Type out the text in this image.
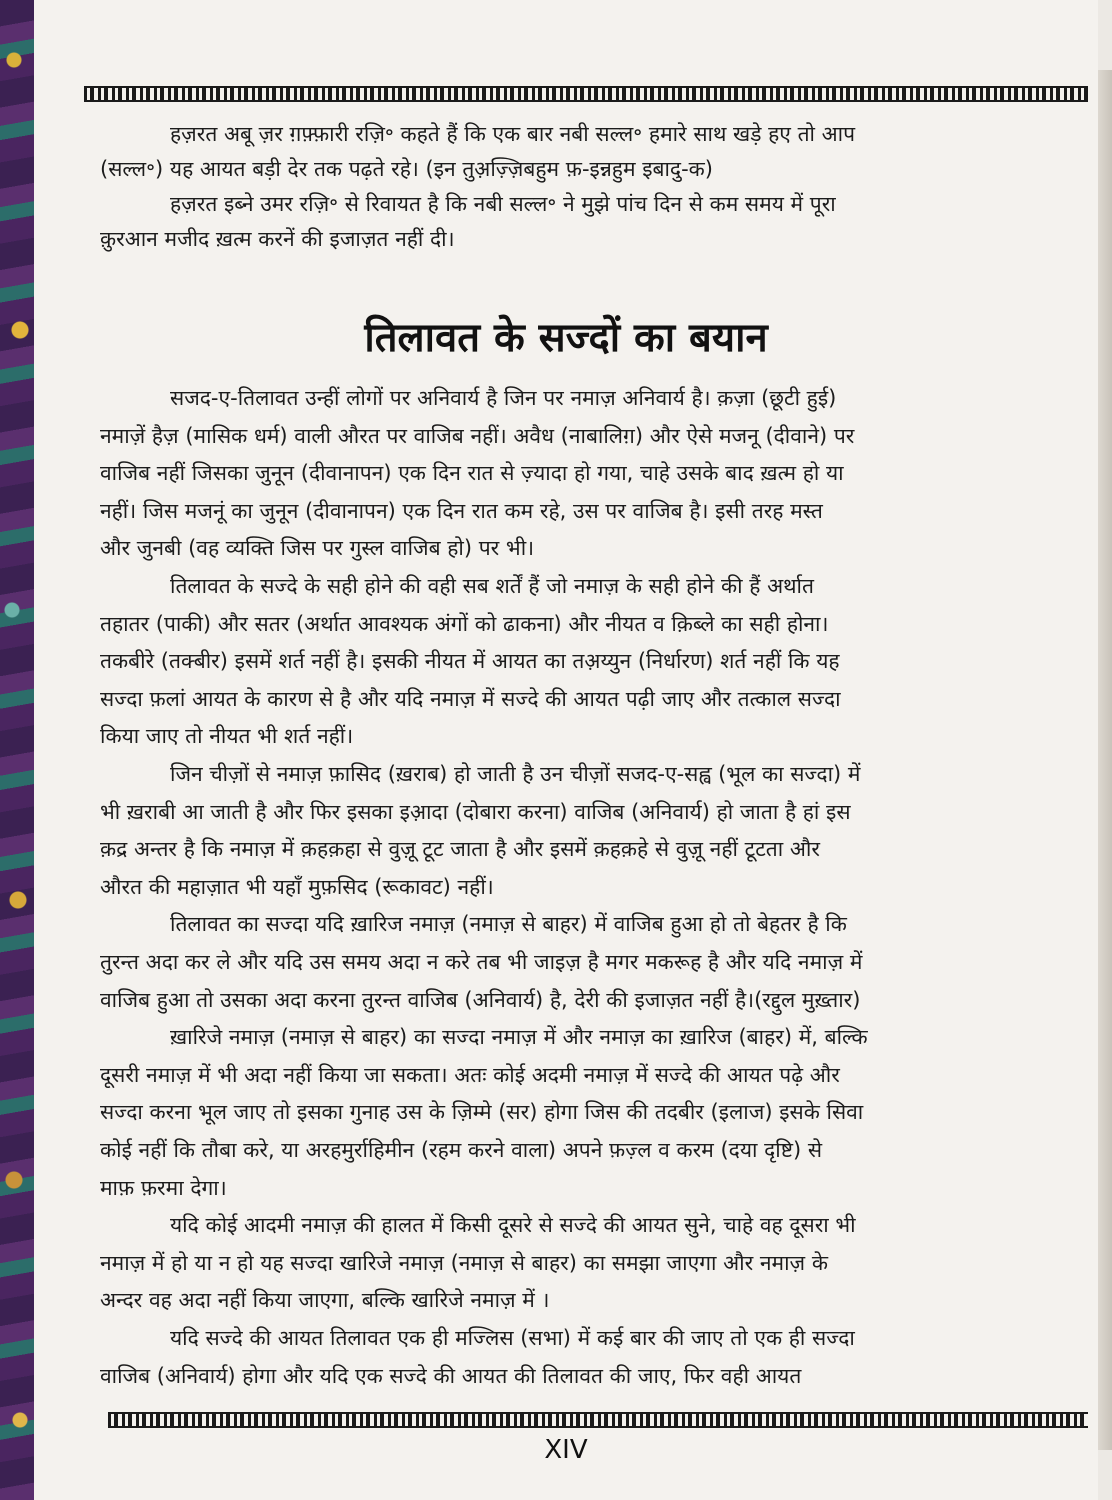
हज़रत अबू ज़र ग़फ़्फ़ारी रज़ि॰ कहते हैं कि एक बार नबी सल्ल॰ हमारे साथ खड़े हए तो आप
(सल्ल॰) यह आयत बड़ी देर तक पढ़ते रहे। (इन तुअ़ज़्ज़िबहुम फ़-इन्नहुम इबादु-क)
हज़रत इब्ने उमर रज़ि॰ से रिवायत है कि नबी सल्ल॰ ने मुझे पांच दिन से कम समय में पूरा
क़ुरआन मजीद ख़त्म करनें की इजाज़त नहीं दी।
तिलावत के सज्दों का बयान
सजद-ए-तिलावत उन्हीं लोगों पर अनिवार्य है जिन पर नमाज़ अनिवार्य है। क़ज़ा (छूटी हुई)
नमाज़ें हैज़ (मासिक धर्म) वाली औरत पर वाजिब नहीं। अवैध (नाबालिग़) और ऐसे मजनू (दीवाने) पर
वाजिब नहीं जिसका जुनून (दीवानापन) एक दिन रात से ज़्यादा हो गया, चाहे उसके बाद ख़त्म हो या
नहीं। जिस मजनूं का जुनून (दीवानापन) एक दिन रात कम रहे, उस पर वाजिब है। इसी तरह मस्त
और जुनबी (वह व्यक्ति जिस पर गुस्ल वाजिब हो) पर भी।
तिलावत के सज्दे के सही होने की वही सब शर्तें हैं जो नमाज़ के सही होने की हैं अर्थात
तहातर (पाकी) और सतर (अर्थात आवश्यक अंगों को ढाकना) और नीयत व क़िब्ले का सही होना।
तकबीरे (तक्बीर) इसमें शर्त नहीं है। इसकी नीयत में आयत का तअ़य्युन (निर्धारण) शर्त नहीं कि यह
सज्दा फ़लां आयत के कारण से है और यदि नमाज़ में सज्दे की आयत पढ़ी जाए और तत्काल सज्दा
किया जाए तो नीयत भी शर्त नहीं।
जिन चीज़ों से नमाज़ फ़ासिद (ख़राब) हो जाती है उन चीज़ों सजद-ए-सह्व (भूल का सज्दा) में
भी ख़राबी आ जाती है और फिर इसका इआ़दा (दोबारा करना) वाजिब (अनिवार्य) हो जाता है हां इस
क़द्र अन्तर है कि नमाज़ में क़हक़हा से वुज़ू टूट जाता है और इसमें क़हक़हे से वुज़ू नहीं टूटता और
औरत की महाज़ात भी यहाँ मुफ़सिद (रूकावट) नहीं।
तिलावत का सज्दा यदि ख़ारिज नमाज़ (नमाज़ से बाहर) में वाजिब हुआ हो तो बेहतर है कि
तुरन्त अदा कर ले और यदि उस समय अदा न करे तब भी जाइज़ है मगर मकरूह है और यदि नमाज़ में
वाजिब हुआ तो उसका अदा करना तुरन्त वाजिब (अनिवार्य) है, देरी की इजाज़त नहीं है।(रद्दुल मुख़्तार)
ख़ारिजे नमाज़ (नमाज़ से बाहर) का सज्दा नमाज़ में और नमाज़ का ख़ारिज (बाहर) में, बल्कि
दूसरी नमाज़ में भी अदा नहीं किया जा सकता। अतः कोई अदमी नमाज़ में सज्दे की आयत पढ़े और
सज्दा करना भूल जाए तो इसका गुनाह उस के ज़िम्मे (सर) होगा जिस की तदबीर (इलाज) इसके सिवा
कोई नहीं कि तौबा करे, या अरहमुर्राहिमीन (रहम करने वाला) अपने फ़ज़्ल व करम (दया दृष्टि) से
माफ़ फ़रमा देगा।
यदि कोई आदमी नमाज़ की हालत में किसी दूसरे से सज्दे की आयत सुने, चाहे वह दूसरा भी
नमाज़ में हो या न हो यह सज्दा खारिजे नमाज़ (नमाज़ से बाहर) का समझा जाएगा और नमाज़ के
अन्दर वह अदा नहीं किया जाएगा, बल्कि खारिजे नमाज़ में ।
यदि सज्दे की आयत तिलावत एक ही मज्लिस (सभा) में कई बार की जाए तो एक ही सज्दा
वाजिब (अनिवार्य) होगा और यदि एक सज्दे की आयत की तिलावत की जाए, फिर वही आयत
XIV
